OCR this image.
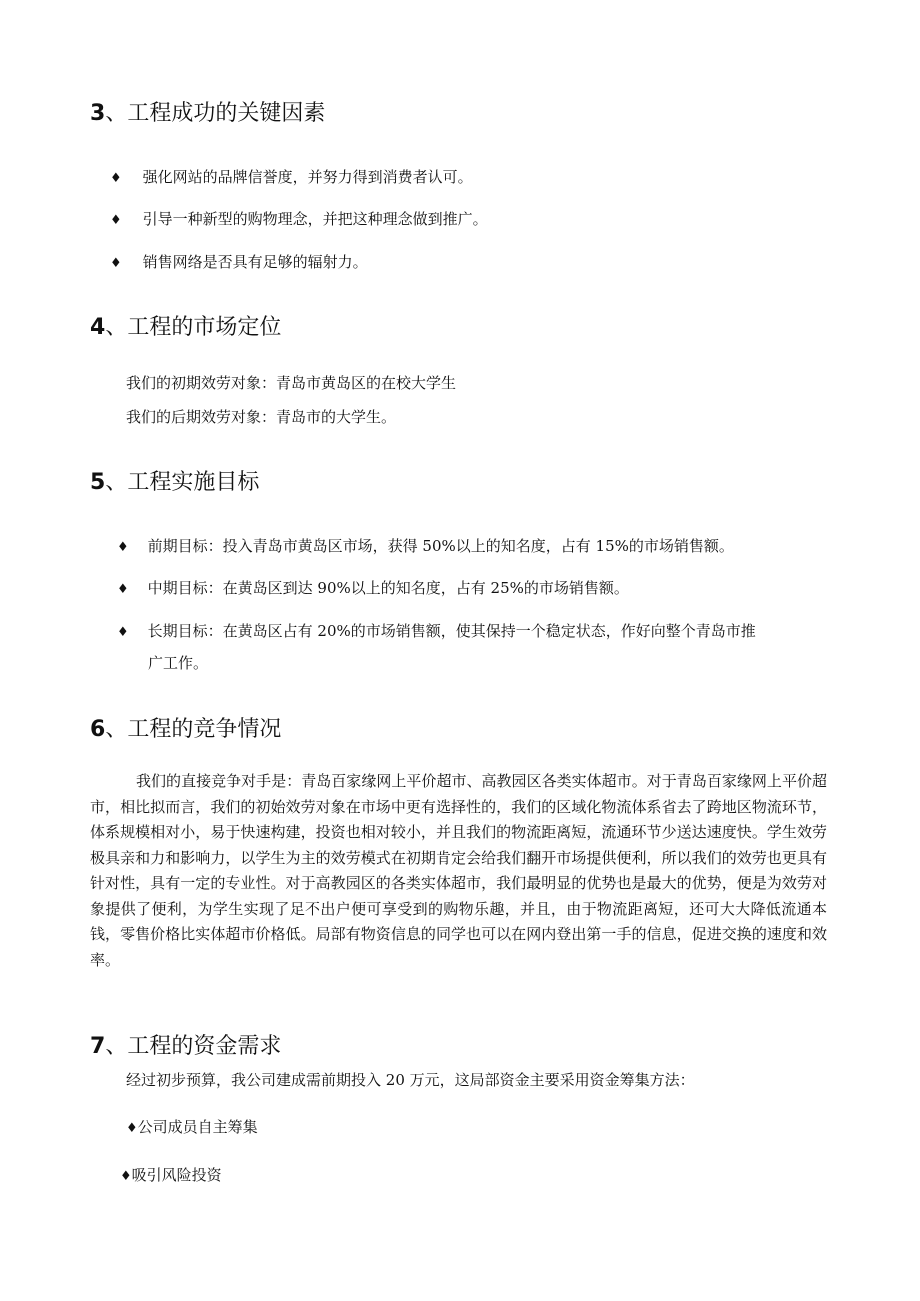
3、工程成功的关键因素
♦ 强化网站的品牌信誉度，并努力得到消费者认可。
♦ 引导一种新型的购物理念，并把这种理念做到推广。
♦ 销售网络是否具有足够的辐射力。
4、工程的市场定位
我们的初期效劳对象：青岛市黄岛区的在校大学生
我们的后期效劳对象：青岛市的大学生。
5、工程实施目标
♦ 前期目标：投入青岛市黄岛区市场，获得 50%以上的知名度，占有 15%的市场销售额。
♦ 中期目标：在黄岛区到达 90%以上的知名度，占有 25%的市场销售额。
♦ 长期目标：在黄岛区占有 20%的市场销售额，使其保持一个稳定状态，作好向整个青岛市推
广工作。
6、工程的竞争情况

我们的直接竞争对手是：青岛百家缘网上平价超市、高教园区各类实体超市。对于青岛百家缘网上平价超市，相比拟而言，我们的初始效劳对象在市场中更有选择性的，我们的区域化物流体系省去了跨地区物流环节，体系规模相对小，易于快速构建，投资也相对较小，并且我们的物流距离短，流通环节少送达速度快。学生效劳极具亲和力和影响力，以学生为主的效劳模式在初期肯定会给我们翻开市场提供便利，所以我们的效劳也更具有针对性，具有一定的专业性。对于高教园区的各类实体超市，我们最明显的优势也是最大的优势，便是为效劳对象提供了便利，为学生实现了足不出户便可享受到的购物乐趣，并且，由于物流距离短，还可大大降低流通本钱，零售价格比实体超市价格低。局部有物资信息的同学也可以在网内登出第一手的信息，促进交换的速度和效率。

7、工程的资金需求
经过初步预算，我公司建成需前期投入 20 万元，这局部资金主要采用资金筹集方法：
♦公司成员自主筹集
♦吸引风险投资
